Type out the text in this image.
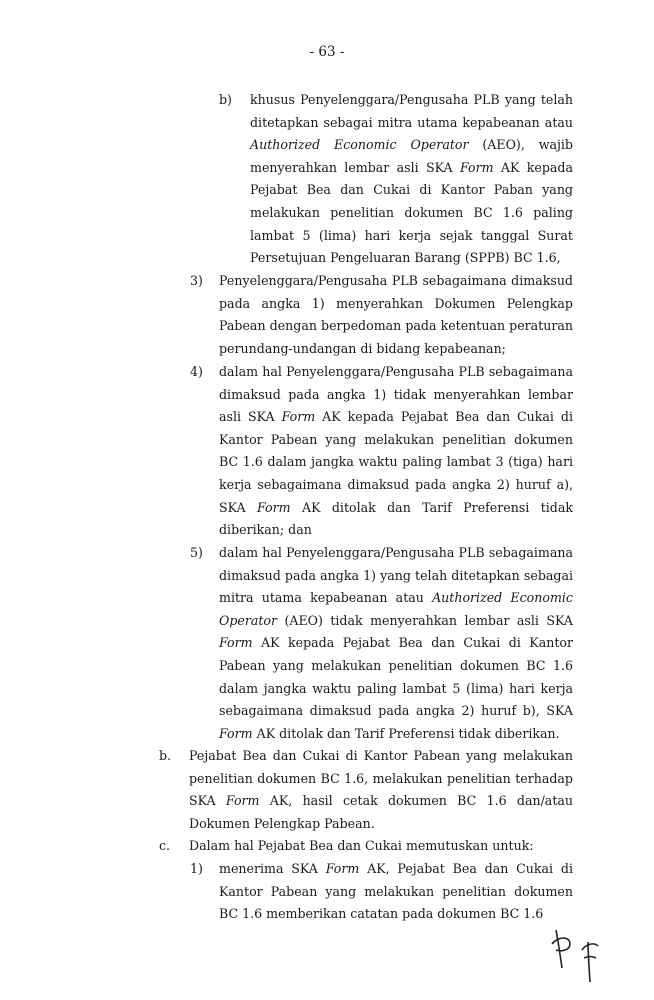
- 63 -
b)	khusus Penyelenggara/Pengusaha PLB yang telah
ditetapkan sebagai mitra utama kepabeanan atau
Authorized Economic Operator (AEO), wajib
menyerahkan lembar asli SKA Form AK kepada
Pejabat Bea dan Cukai di Kantor Paban yang
melakukan penelitian dokumen BC 1.6 paling
lambat 5 (lima) hari kerja sejak tanggal Surat
Persetujuan Pengeluaran Barang (SPPB) BC 1.6,
3)	Penyelenggara/Pengusaha PLB sebagaimana dimaksud
pada angka 1) menyerahkan Dokumen Pelengkap
Pabean dengan berpedoman pada ketentuan peraturan
perundang-undangan di bidang kepabeanan;
4)	dalam hal Penyelenggara/Pengusaha PLB sebagaimana
dimaksud pada angka 1) tidak menyerahkan lembar
asli SKA Form AK kepada Pejabat Bea dan Cukai di
Kantor Pabean yang melakukan penelitian dokumen
BC 1.6 dalam jangka waktu paling lambat 3 (tiga) hari
kerja sebagaimana dimaksud pada angka 2) huruf a),
SKA Form AK ditolak dan Tarif Preferensi tidak
diberikan; dan
5)	dalam hal Penyelenggara/Pengusaha PLB sebagaimana
dimaksud pada angka 1) yang telah ditetapkan sebagai
mitra utama kepabeanan atau Authorized Economic
Operator (AEO) tidak menyerahkan lembar asli SKA
Form AK kepada Pejabat Bea dan Cukai di Kantor
Pabean yang melakukan penelitian dokumen BC 1.6
dalam jangka waktu paling lambat 5 (lima) hari kerja
sebagaimana dimaksud pada angka 2) huruf b), SKA
Form AK ditolak dan Tarif Preferensi tidak diberikan.
b.	Pejabat Bea dan Cukai di Kantor Pabean yang melakukan
penelitian dokumen BC 1.6, melakukan penelitian terhadap
SKA Form AK, hasil cetak dokumen BC 1.6 dan/atau
Dokumen Pelengkap Pabean.
c.	Dalam hal Pejabat Bea dan Cukai memutuskan untuk:
1)	menerima SKA Form AK, Pejabat Bea dan Cukai di
Kantor Pabean yang melakukan penelitian dokumen
BC 1.6 memberikan catatan pada dokumen BC 1.6
